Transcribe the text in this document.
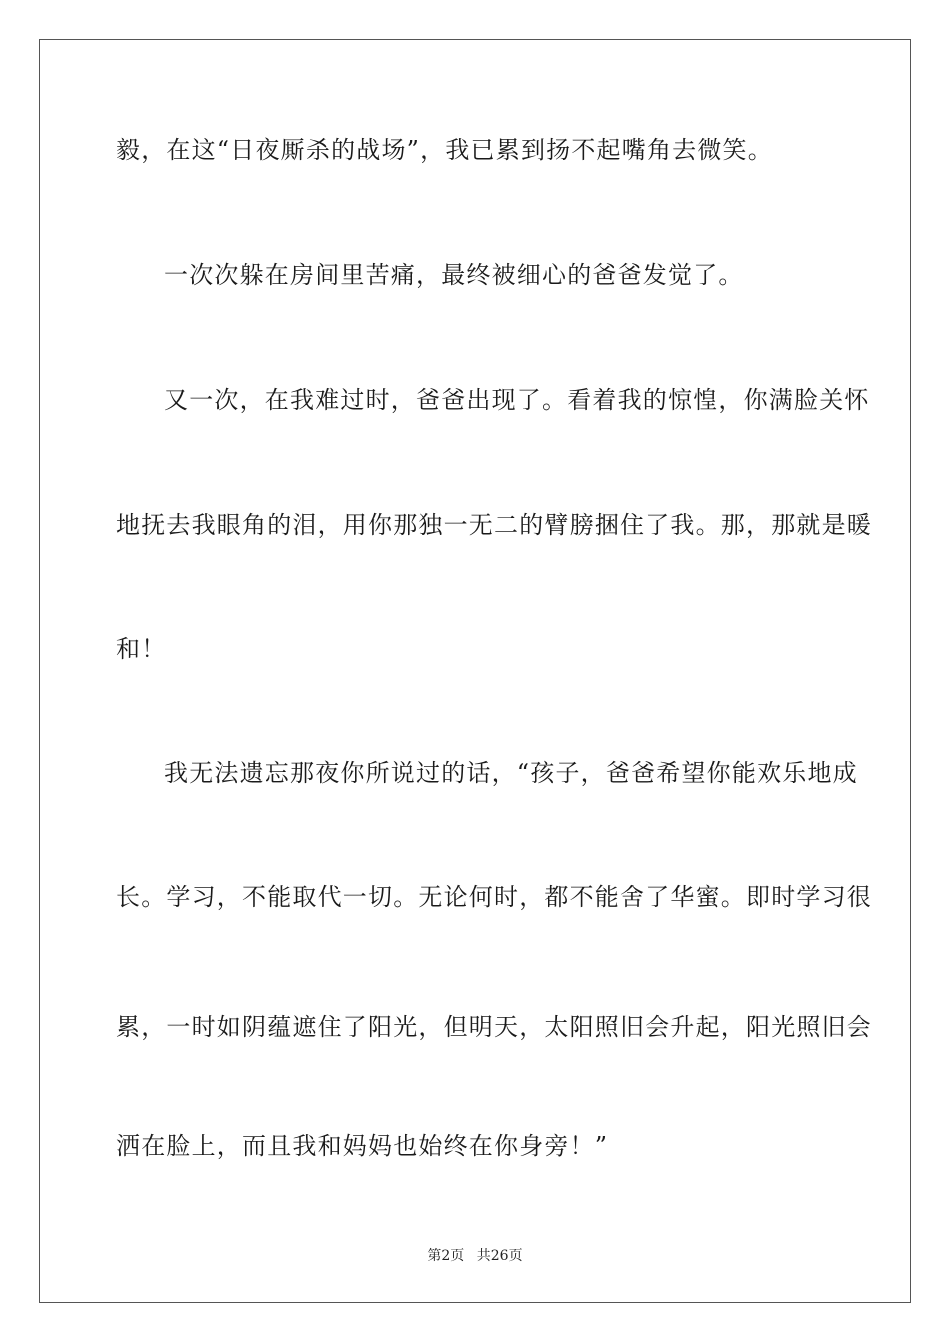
毅，在这“日夜厮杀的战场”，我已累到扬不起嘴角去微笑。
一次次躲在房间里苦痛，最终被细心的爸爸发觉了。
又一次，在我难过时，爸爸出现了。看着我的惊惶，你满脸关怀
地抚去我眼角的泪，用你那独一无二的臂膀捆住了我。那，那就是暖
和！
我无法遗忘那夜你所说过的话，“孩子，爸爸希望你能欢乐地成
长。学习，不能取代一切。无论何时，都不能舍了华蜜。即时学习很
累，一时如阴蕴遮住了阳光，但明天，太阳照旧会升起，阳光照旧会
洒在脸上，而且我和妈妈也始终在你身旁！”
第2页 共26页
